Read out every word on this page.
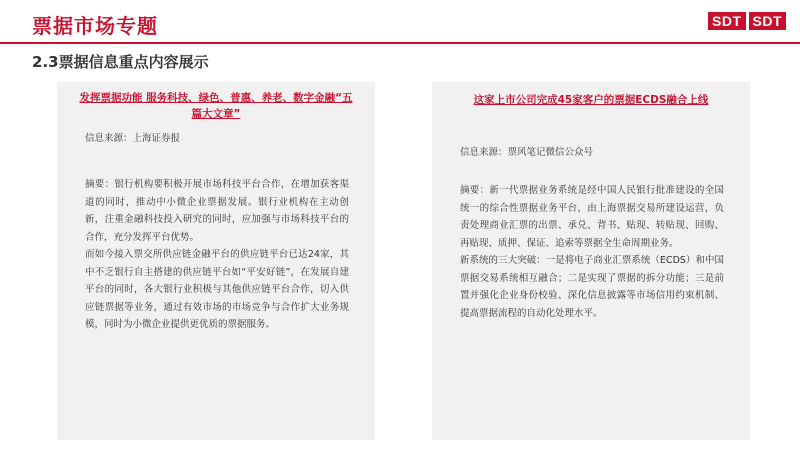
票据市场专题	SDT SDT
2.3票据信息重点内容展示
发挥票据功能 服务科技、绿色、普惠、养老、数字金融“五篇大文章”
信息来源：上海证券报

摘要：银行机构要积极开展市场科技平台合作，在增加获客渠道的同时，推动中小微企业票据发展。银行业机构在主动创新，注重金融科技投入研究的同时，应加强与市场科技平台的合作，充分发挥平台优势。

而如今接入票交所供应链金融平台的供应链平台已达24家，其中不乏银行自主搭建的供应链平台如“平安好链”，在发展自建平台的同时，各大银行业积极与其他供应链平台合作，切入供应链票据等业务，通过有效市场的市场竞争与合作扩大业务规模，同时为小微企业提供更优质的票据服务。

这家上市公司完成45家客户的票据ECDS融合上线
信息来源：票风笔记微信公众号

摘要：新一代票据业务系统是经中国人民银行批准建设的全国统一的综合性票据业务平台，由上海票据交易所建设运营，负责处理商业汇票的出票、承兑、背书、贴现、转贴现、回购、再贴现、质押、保证、追索等票据全生命周期业务。

新系统的三大突破：一是将电子商业汇票系统（ECDS）和中国票据交易系统相互融合；二是实现了票据的拆分功能；三是前置并强化企业身份校验、深化信息披露等市场信用约束机制、提高票据流程的自动化处理水平。
